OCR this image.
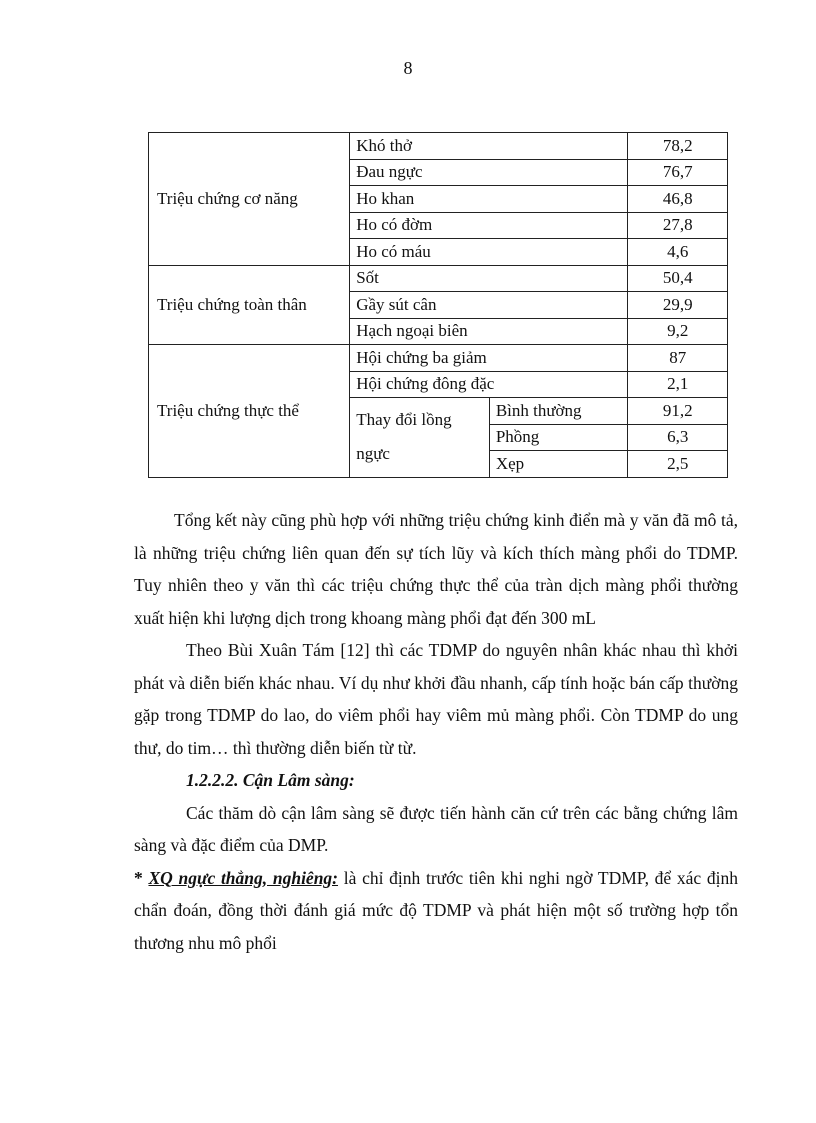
8
Triệu chứng cơ năng	Khó thở		78,2
	Đau ngực		76,7
	Ho khan		46,8
	Ho có đờm		27,8
	Ho có máu		4,6
Triệu chứng toàn thân	Sốt		50,4
	Gầy sút cân		29,9
	Hạch ngoại biên		9,2
Triệu chứng thực thể	Hội chứng ba giảm		87
	Hội chứng đông đặc		2,1
	Thay đổi lồng ngực	Bình thường	91,2
		Phồng	6,3
		Xẹp	2,5

Tổng kết này cũng phù hợp với những triệu chứng kinh điển mà y văn đã mô tả, là những triệu chứng liên quan đến sự tích lũy và kích thích màng phổi do TDMP. Tuy nhiên theo y văn thì các triệu chứng thực thể của tràn dịch màng phổi thường xuất hiện khi lượng dịch trong khoang màng phổi đạt đến 300 mL

Theo Bùi Xuân Tám [12] thì các TDMP do nguyên nhân khác nhau thì khởi phát và diễn biến khác nhau. Ví dụ như khởi đầu nhanh, cấp tính hoặc bán cấp thường gặp trong TDMP do lao, do viêm phổi hay viêm mủ màng phổi. Còn TDMP do ung thư, do tim… thì thường diễn biến từ từ.

1.2.2.2. Cận Lâm sàng:

Các thăm dò cận lâm sàng sẽ được tiến hành căn cứ trên các bằng chứng lâm sàng và đặc điểm của DMP.

* XQ ngực thẳng, nghiêng: là chỉ định trước tiên khi nghi ngờ TDMP, để xác định chẩn đoán, đồng thời đánh giá mức độ TDMP và phát hiện một số trường hợp tổn thương nhu mô phổi
